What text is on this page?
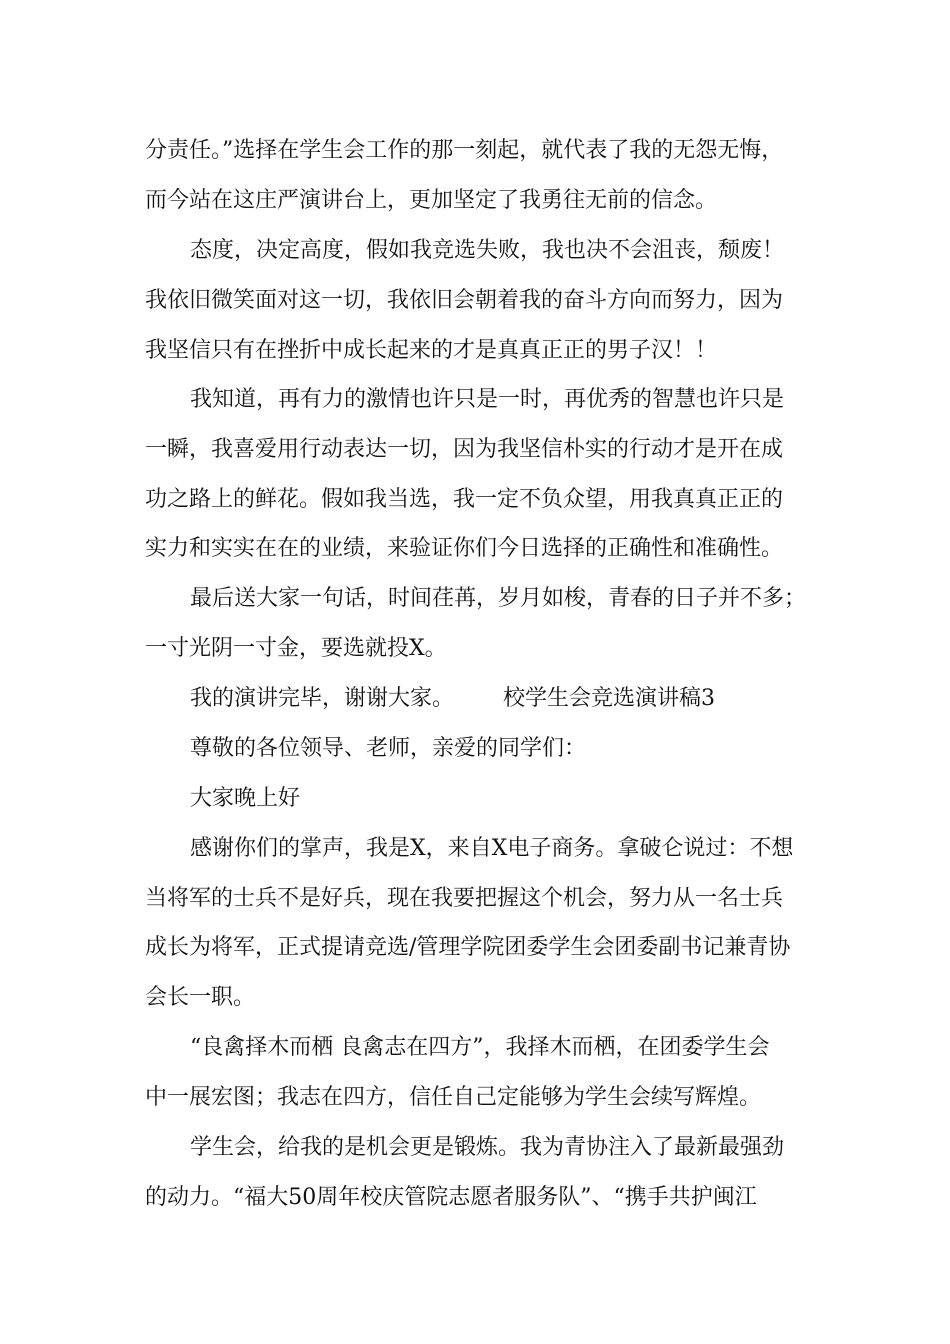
分责任。”选择在学生会工作的那一刻起，就代表了我的无怨无悔，
而今站在这庄严演讲台上，更加坚定了我勇往无前的信念。
态度，决定高度，假如我竞选失败，我也决不会沮丧，颓废！
我依旧微笑面对这一切，我依旧会朝着我的奋斗方向而努力，因为
我坚信只有在挫折中成长起来的才是真真正正的男子汉！！
我知道，再有力的激情也许只是一时，再优秀的智慧也许只是
一瞬，我喜爱用行动表达一切，因为我坚信朴实的行动才是开在成
功之路上的鲜花。假如我当选，我一定不负众望，用我真真正正的
实力和实实在在的业绩，来验证你们今日选择的正确性和准确性。
最后送大家一句话，时间荏苒，岁月如梭，青春的日子并不多；
一寸光阴一寸金，要选就投X。
我的演讲完毕，谢谢大家。	校学生会竞选演讲稿3
尊敬的各位领导、老师，亲爱的同学们：
大家晚上好
感谢你们的掌声，我是X，来自X电子商务。拿破仑说过：不想
当将军的士兵不是好兵，现在我要把握这个机会，努力从一名士兵
成长为将军，正式提请竞选/管理学院团委学生会团委副书记兼青协
会长一职。
“良禽择木而栖 良禽志在四方”，我择木而栖，在团委学生会
中一展宏图；我志在四方，信任自己定能够为学生会续写辉煌。
学生会，给我的是机会更是锻炼。我为青协注入了最新最强劲
的动力。“福大50周年校庆管院志愿者服务队”、“携手共护闽江
